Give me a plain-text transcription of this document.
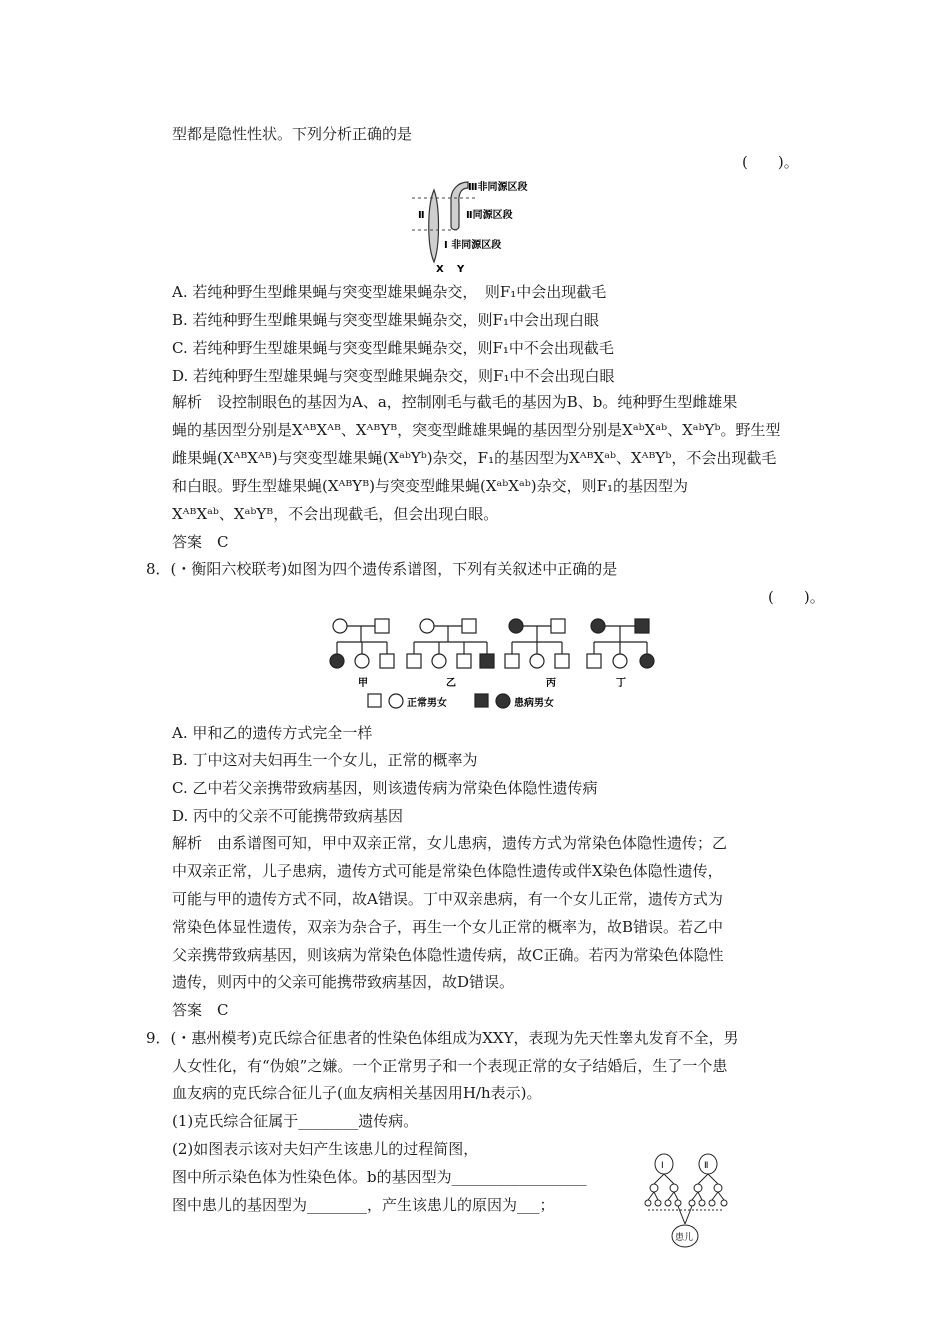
型都是隐性性状。下列分析正确的是
(　　)。
Ⅲ非同源区段
Ⅱ同源区段
Ⅱ
Ⅰ 非同源区段
X Y
A. 若纯种野生型雌果蝇与突变型雄果蝇杂交，　则F₁中会出现截毛
B. 若纯种野生型雌果蝇与突变型雄果蝇杂交，则F₁中会出现白眼
C. 若纯种野生型雄果蝇与突变型雌果蝇杂交，则F₁中不会出现截毛
D. 若纯种野生型雄果蝇与突变型雌果蝇杂交，则F₁中不会出现白眼
解析　设控制眼色的基因为A、a，控制刚毛与截毛的基因为B、b。纯种野生型雌雄果
蝇的基因型分别是XᴬᴮXᴬᴮ、XᴬᴮYᴮ，突变型雌雄果蝇的基因型分别是XᵃᵇXᵃᵇ、XᵃᵇYᵇ。野生型
雌果蝇(XᴬᴮXᴬᴮ)与突变型雄果蝇(XᵃᵇYᵇ)杂交，F₁的基因型为XᴬᴮXᵃᵇ、XᴬᴮYᵇ，不会出现截毛
和白眼。野生型雄果蝇(XᴬᴮYᴮ)与突变型雌果蝇(XᵃᵇXᵃᵇ)杂交，则F₁的基因型为
XᴬᴮXᵃᵇ、XᵃᵇYᴮ，不会出现截毛，但会出现白眼。
答案　C
8．(・衡阳六校联考)如图为四个遗传系谱图，下列有关叙述中正确的是
(　　)。
甲	乙	丙	丁
正常男女	患病男女
A. 甲和乙的遗传方式完全一样
B. 丁中这对夫妇再生一个女儿，正常的概率为
C. 乙中若父亲携带致病基因，则该遗传病为常染色体隐性遗传病
D. 丙中的父亲不可能携带致病基因
解析　由系谱图可知，甲中双亲正常，女儿患病，遗传方式为常染色体隐性遗传；乙
中双亲正常，儿子患病，遗传方式可能是常染色体隐性遗传或伴X染色体隐性遗传，
可能与甲的遗传方式不同，故A错误。丁中双亲患病，有一个女儿正常，遗传方式为
常染色体显性遗传，双亲为杂合子，再生一个女儿正常的概率为，故B错误。若乙中
父亲携带致病基因，则该病为常染色体隐性遗传病，故C正确。若丙为常染色体隐性
遗传，则丙中的父亲可能携带致病基因，故D错误。
答案　C
9．(・惠州模考)克氏综合征患者的性染色体组成为XXY，表现为先天性睾丸发育不全，男
人女性化，有“伪娘”之嫌。一个正常男子和一个表现正常的女子结婚后，生了一个患
血友病的克氏综合征儿子(血友病相关基因用H/h表示)。
(1)克氏综合征属于________遗传病。
(2)如图表示该对夫妇产生该患儿的过程简图，
图中所示染色体为性染色体。b的基因型为__________________
图中患儿的基因型为________，产生该患儿的原因为___；
Ⅰ	Ⅱ
患儿
